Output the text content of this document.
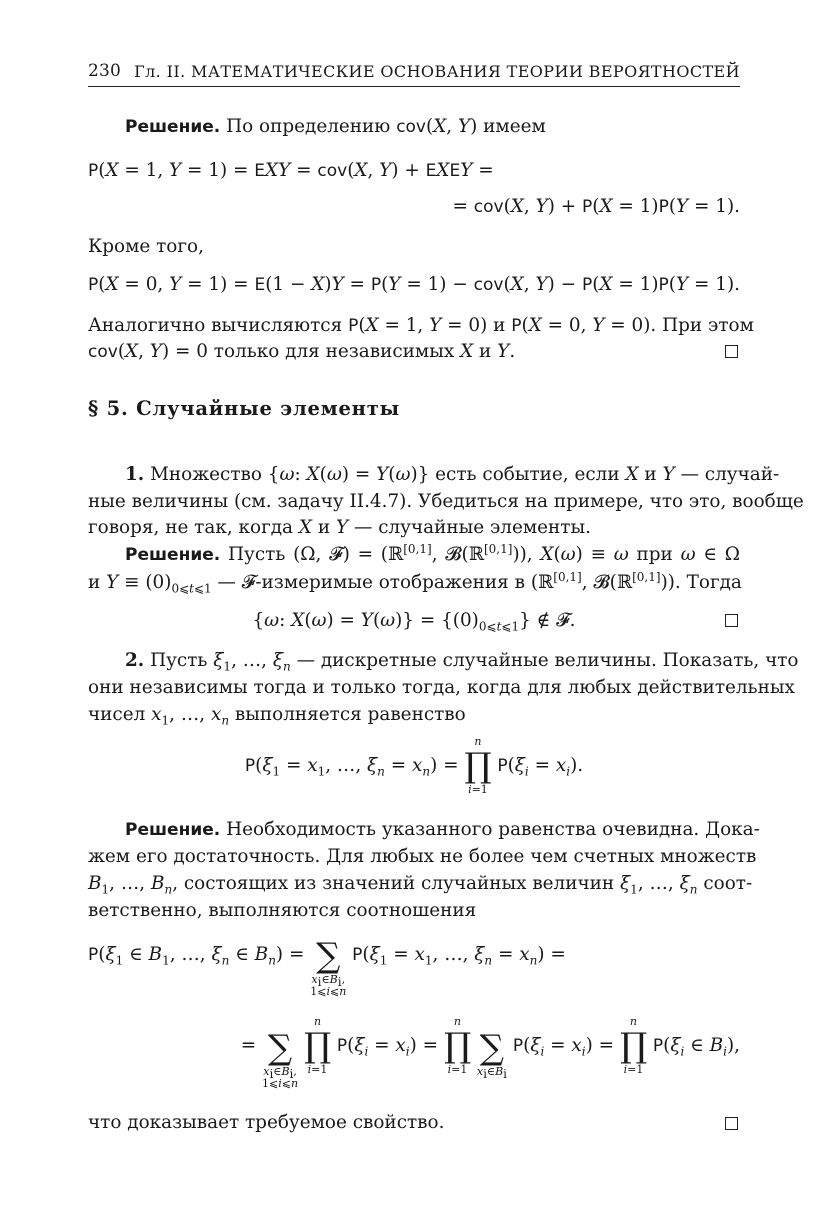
230 Гл. II. МАТЕМАТИЧЕСКИЕ ОСНОВАНИЯ ТЕОРИИ ВЕРОЯТНОСТЕЙ
Решение. По определению cov(X, Y) имеем
P(X = 1, Y = 1) = EXY = cov(X, Y) + EXEY =
= cov(X, Y) + P(X = 1)P(Y = 1).
Кроме того,
P(X = 0, Y = 1) = E(1 − X)Y = P(Y = 1) − cov(X, Y) − P(X = 1)P(Y = 1).
Аналогично вычисляются P(X = 1, Y = 0) и P(X = 0, Y = 0). При этом
cov(X, Y) = 0 только для независимых X и Y.
§ 5. Случайные элементы
1. Множество {ω: X(ω) = Y(ω)} есть событие, если X и Y — случай-
ные величины (см. задачу II.4.7). Убедиться на примере, что это, вообще
говоря, не так, когда X и Y — случайные элементы.
Решение. Пусть (Ω, 𝓕) = (ℝ[0,1], 𝓑(ℝ[0,1])), X(ω) ≡ ω при ω ∈ Ω
и $Y \equiv (0)_{0⩽t⩽1}$ — 𝓕-измеримые отображения в (ℝ[0,1], 𝓑(ℝ[0,1])). Тогда
{ω: $X(\omega) = Y(\omega)\} = \{(0)_{0⩽t⩽1}\}$ ∉ 𝓕.
2. Пусть $\xi_1$, …, $\xi_n$ — дискретные случайные величины. Показать, что
они независимы тогда и только тогда, когда для любых действительных
чисел $x_1$, …, $x_n$ выполняется равенство
$P(\xi_1 = x_1$, …, $\xi_n = x_n$) =
n
∏
i=1
$P(\xi_i = x_i)$.
Решение. Необходимость указанного равенства очевидна. Дока-
жем его достаточность. Для любых не более чем счетных множеств
$B_1$, …, $B_n$, состоящих из значений случайных величин $\xi_1$, …, $\xi_n$ соот-
ветственно, выполняются соотношения
$P(\xi_1$ ∈ $B_1$, …, $\xi_n$ ∈ $B_n$) = ∑
$x_i\in B_i$,
1⩽i⩽n
$P(\xi_1 = x_1$, …, $\xi_n = x_n$) =
= ∑
$x_i\in B_i$,
1⩽i⩽n

n
∏
i=1
$P(\xi_i = x_i)$ =
n
∏
i=1

∑
$x_i\in B_i$
$P(\xi_i = x_i)$ =
n
∏
i=1
$P(\xi_i$ ∈ $B_i$),
что доказывает требуемое свойство.
